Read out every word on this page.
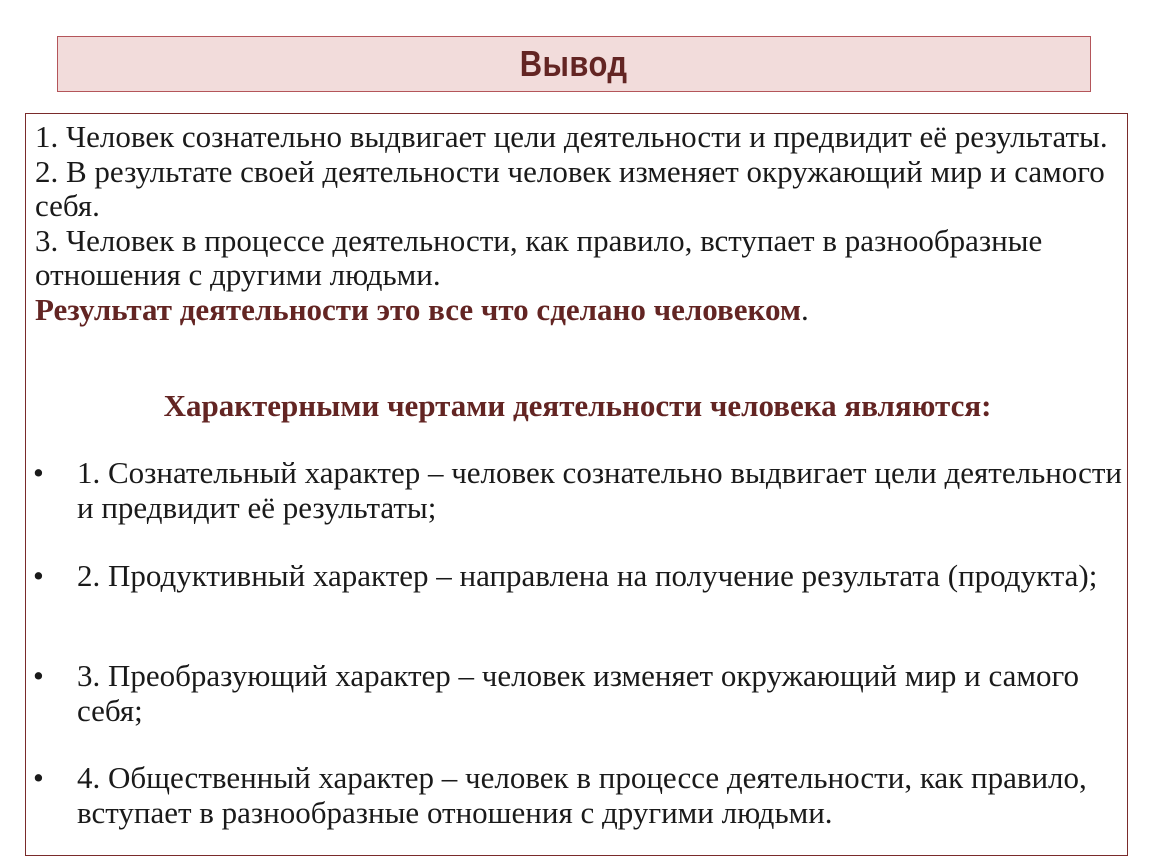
Вывод

1. Человек сознательно выдвигает цели деятельности и предвидит её результаты.

2. В результате своей деятельности человек изменяет окружающий мир и самого себя.

3. Человек в процессе деятельности, как правило, вступает в разнообразные отношения с другими людьми.

Результат деятельности это все что сделано человеком.

Характерными чертами деятельности человека являются:
• 1. Сознательный характер – человек сознательно выдвигает цели деятельности и предвидит её результаты;
• 2. Продуктивный характер – направлена на получение результата (продукта);
• 3. Преобразующий характер – человек изменяет окружающий мир и самого себя;
• 4. Общественный характер – человек в процессе деятельности, как правило, вступает в разнообразные отношения с другими людьми.
